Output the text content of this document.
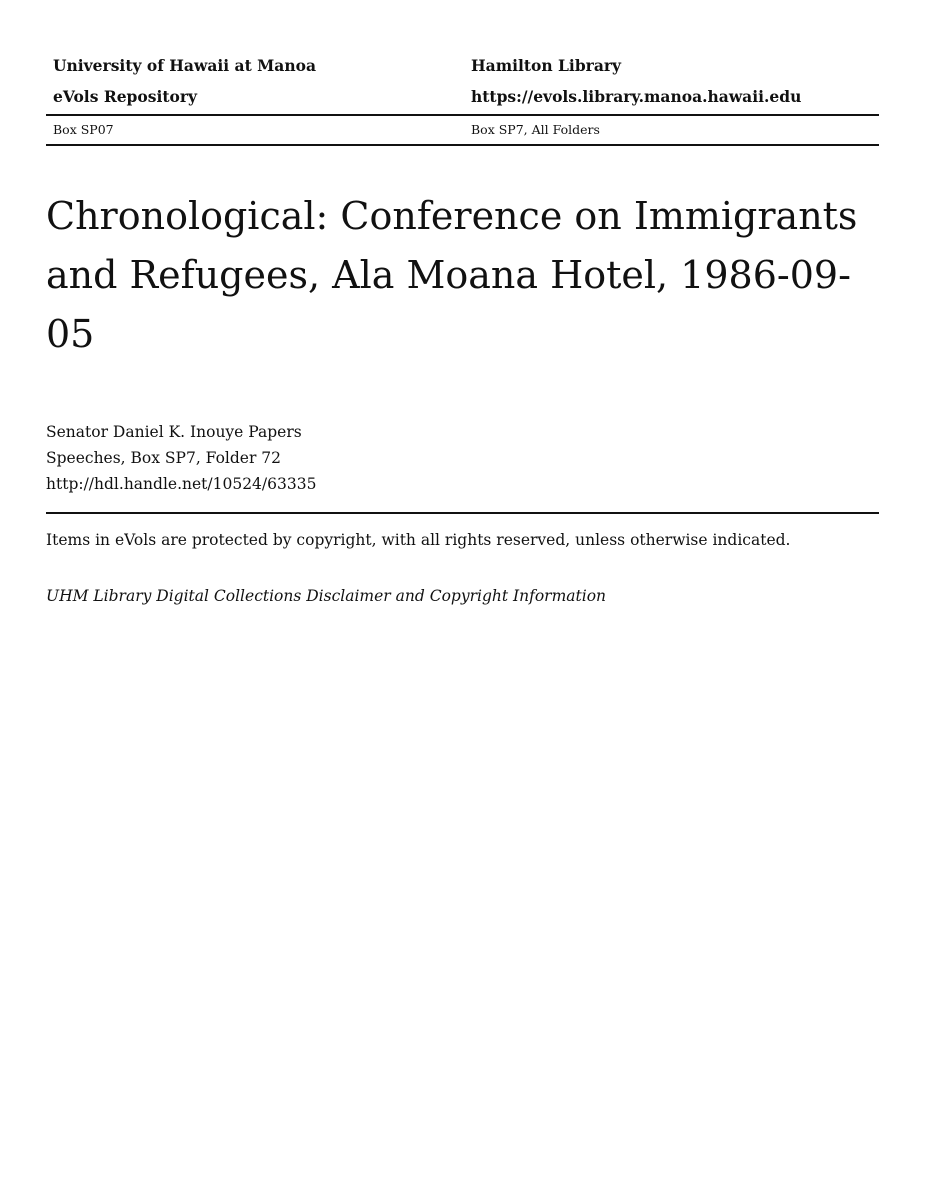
University of Hawaii at Manoa	Hamilton Library
eVols Repository	https://evols.library.manoa.hawaii.edu
Box SP07	Box SP7, All Folders
Chronological: Conference on Immigrants and Refugees, Ala Moana Hotel, 1986-09-05
Senator Daniel K. Inouye Papers
Speeches, Box SP7, Folder 72
http://hdl.handle.net/10524/63335
Items in eVols are protected by copyright, with all rights reserved, unless otherwise indicated.
UHM Library Digital Collections Disclaimer and Copyright Information
